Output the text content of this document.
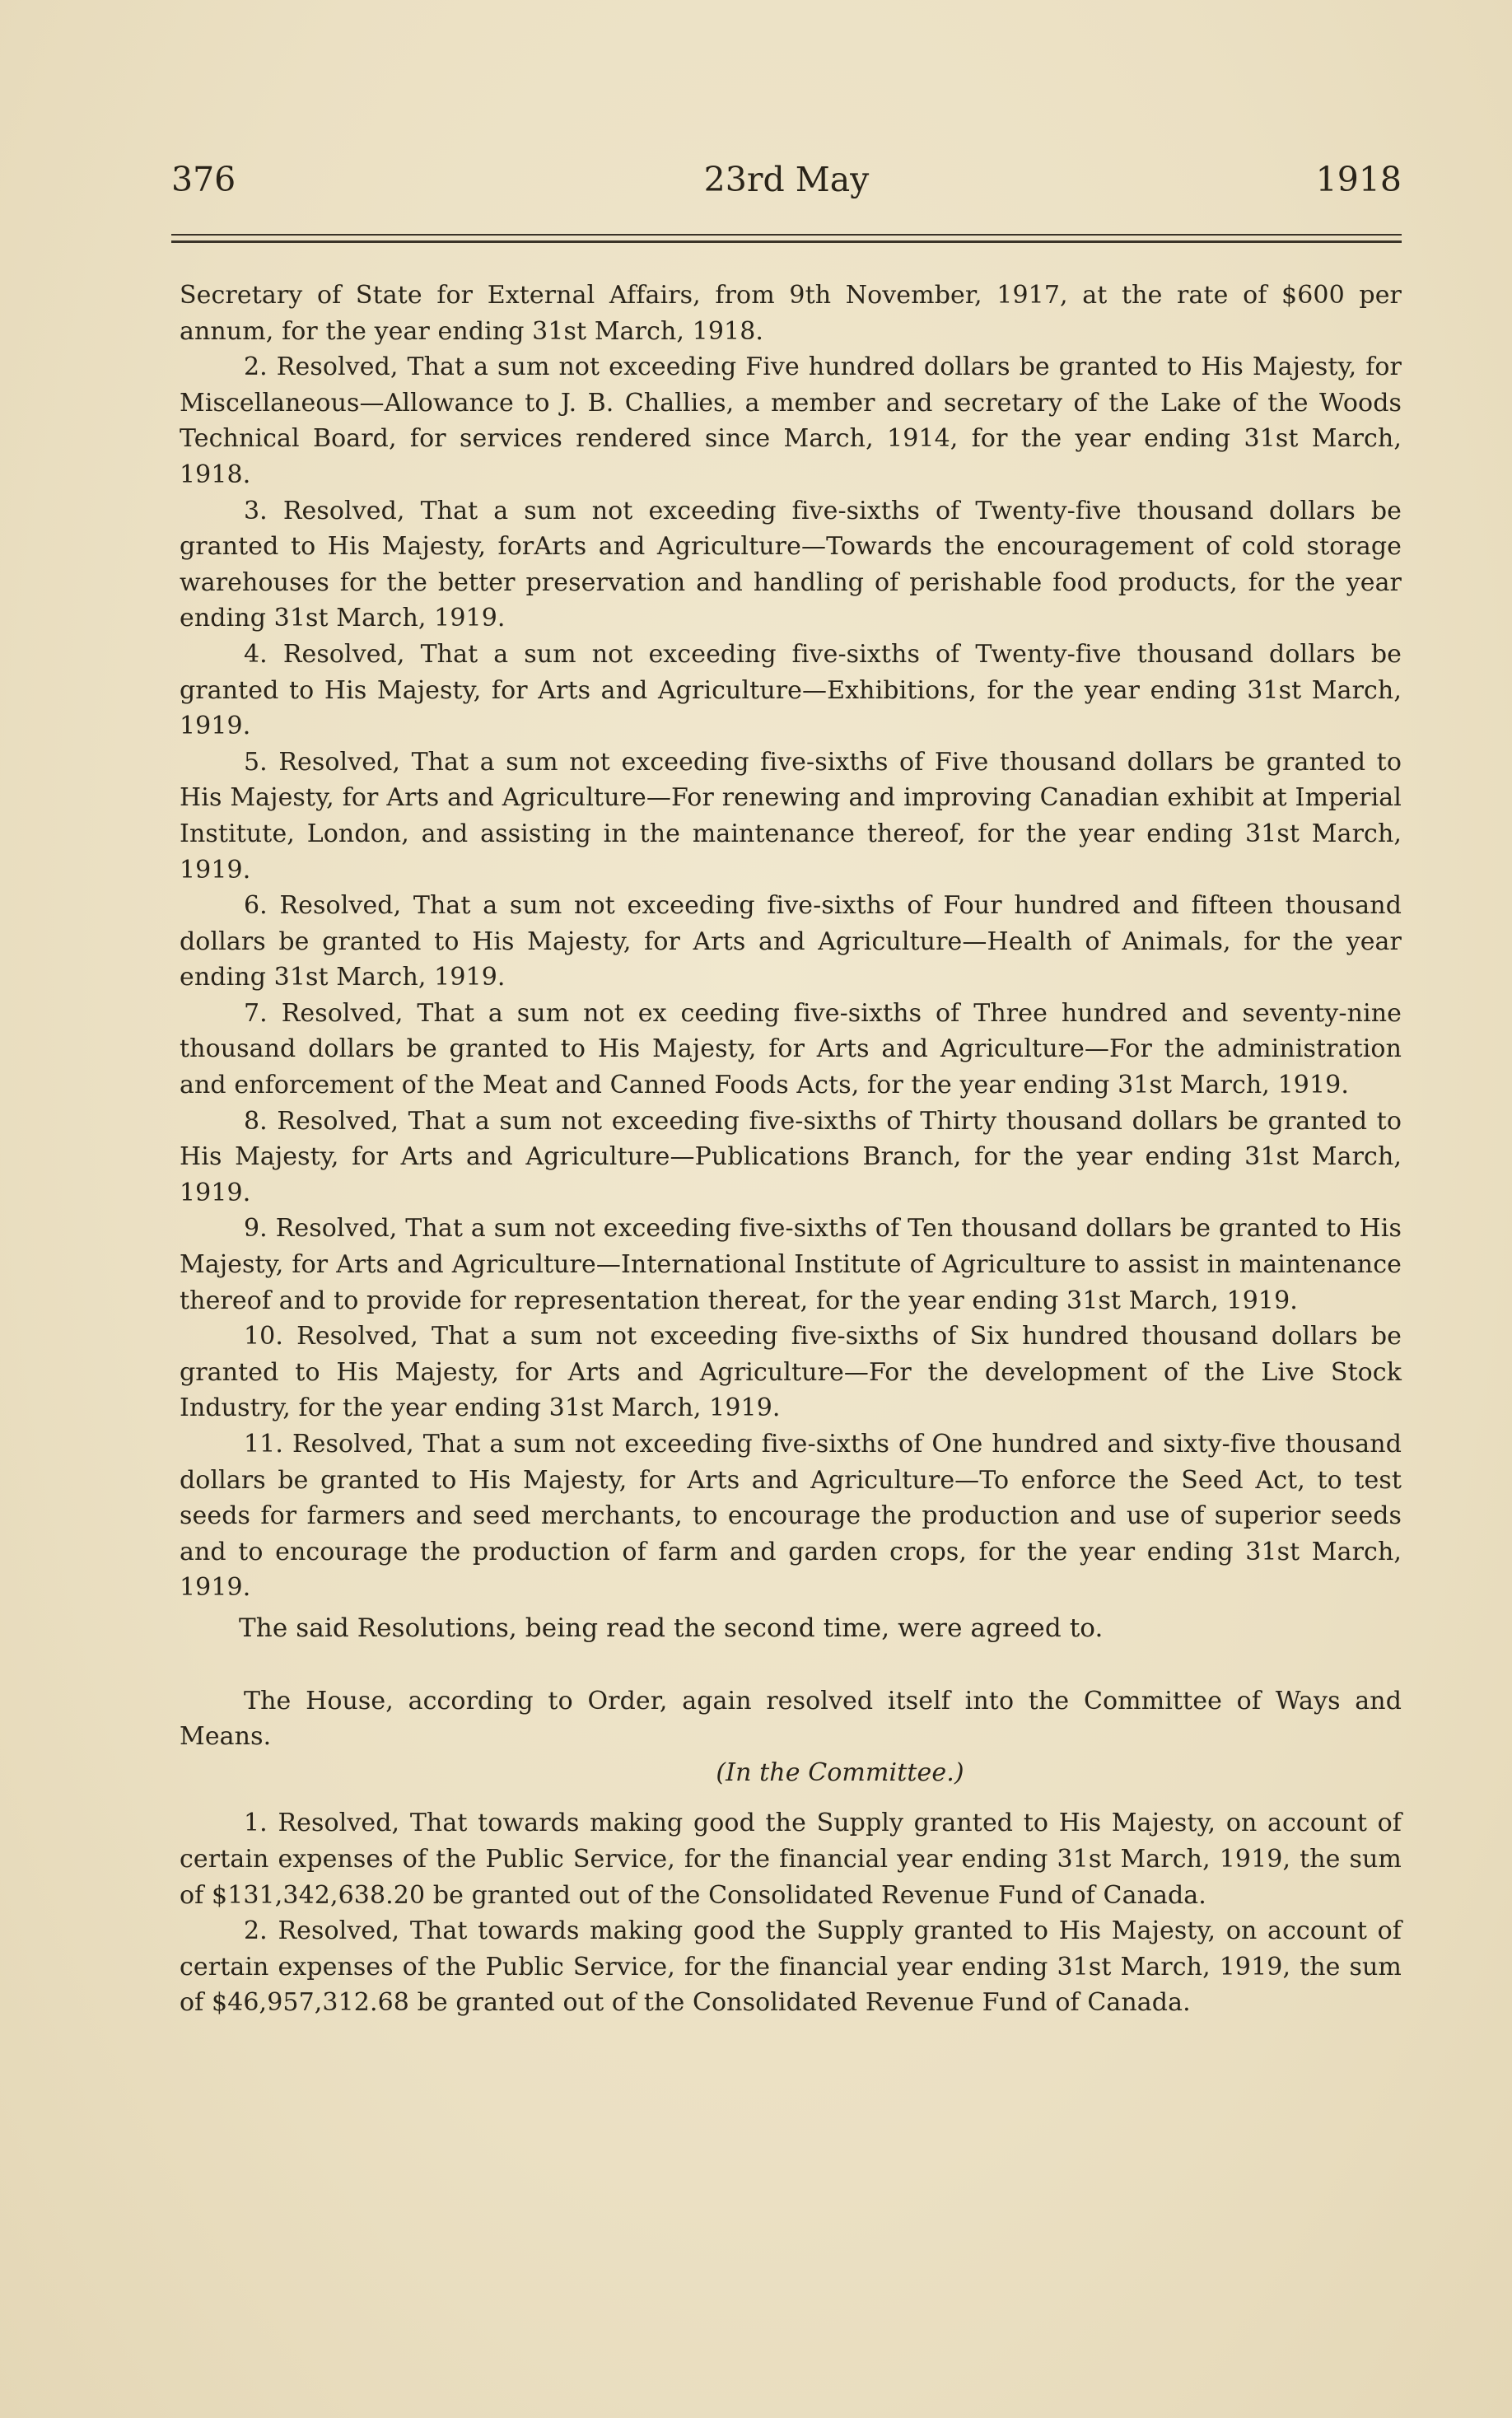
376	23rd May	1918

Secretary of State for External Affairs, from 9th November, 1917, at the rate of $600 per annum, for the year ending 31st March, 1918.

2. Resolved, That a sum not exceeding Five hundred dollars be granted to His Majesty, for Miscellaneous—Allowance to J. B. Challies, a member and secretary of the Lake of the Woods Technical Board, for services rendered since March, 1914, for the year ending 31st March, 1918.

3. Resolved, That a sum not exceeding five-sixths of Twenty-five thousand dollars be granted to His Majesty, forArts and Agriculture—Towards the encouragement of cold storage warehouses for the better preservation and handling of perishable food products, for the year ending 31st March, 1919.

4. Resolved, That a sum not exceeding five-sixths of Twenty-five thousand dollars be granted to His Majesty, for Arts and Agriculture—Exhibitions, for the year ending 31st March, 1919.

5. Resolved, That a sum not exceeding five-sixths of Five thousand dollars be granted to His Majesty, for Arts and Agriculture—For renewing and improving Canadian exhibit at Imperial Institute, London, and assisting in the maintenance thereof, for the year ending 31st March, 1919.

6. Resolved, That a sum not exceeding five-sixths of Four hundred and fifteen thousand dollars be granted to His Majesty, for Arts and Agriculture—Health of Animals, for the year ending 31st March, 1919.

7. Resolved, That a sum not ex ceeding five-sixths of Three hundred and seventy-nine thousand dollars be granted to His Majesty, for Arts and Agriculture—For the administration and enforcement of the Meat and Canned Foods Acts, for the year ending 31st March, 1919.

8. Resolved, That a sum not exceeding five-sixths of Thirty thousand dollars be granted to His Majesty, for Arts and Agriculture—Publications Branch, for the year ending 31st March, 1919.

9. Resolved, That a sum not exceeding five-sixths of Ten thousand dollars be granted to His Majesty, for Arts and Agriculture—International Institute of Agriculture to assist in maintenance thereof and to provide for representation thereat, for the year ending 31st March, 1919.

10. Resolved, That a sum not exceeding five-sixths of Six hundred thousand dollars be granted to His Majesty, for Arts and Agriculture—For the development of the Live Stock Industry, for the year ending 31st March, 1919.

11. Resolved, That a sum not exceeding five-sixths of One hundred and sixty-five thousand dollars be granted to His Majesty, for Arts and Agriculture—To enforce the Seed Act, to test seeds for farmers and seed merchants, to encourage the production and use of superior seeds and to encourage the production of farm and garden crops, for the year ending 31st March, 1919.

The said Resolutions, being read the second time, were agreed to.

The House, according to Order, again resolved itself into the Committee of Ways and Means.

(In the Committee.)

1. Resolved, That towards making good the Supply granted to His Majesty, on account of certain expenses of the Public Service, for the financial year ending 31st March, 1919, the sum of $131,342,638.20 be granted out of the Consolidated Revenue Fund of Canada.

2. Resolved, That towards making good the Supply granted to His Majesty, on account of certain expenses of the Public Service, for the financial year ending 31st March, 1919, the sum of $46,957,312.68 be granted out of the Consolidated Revenue Fund of Canada.
